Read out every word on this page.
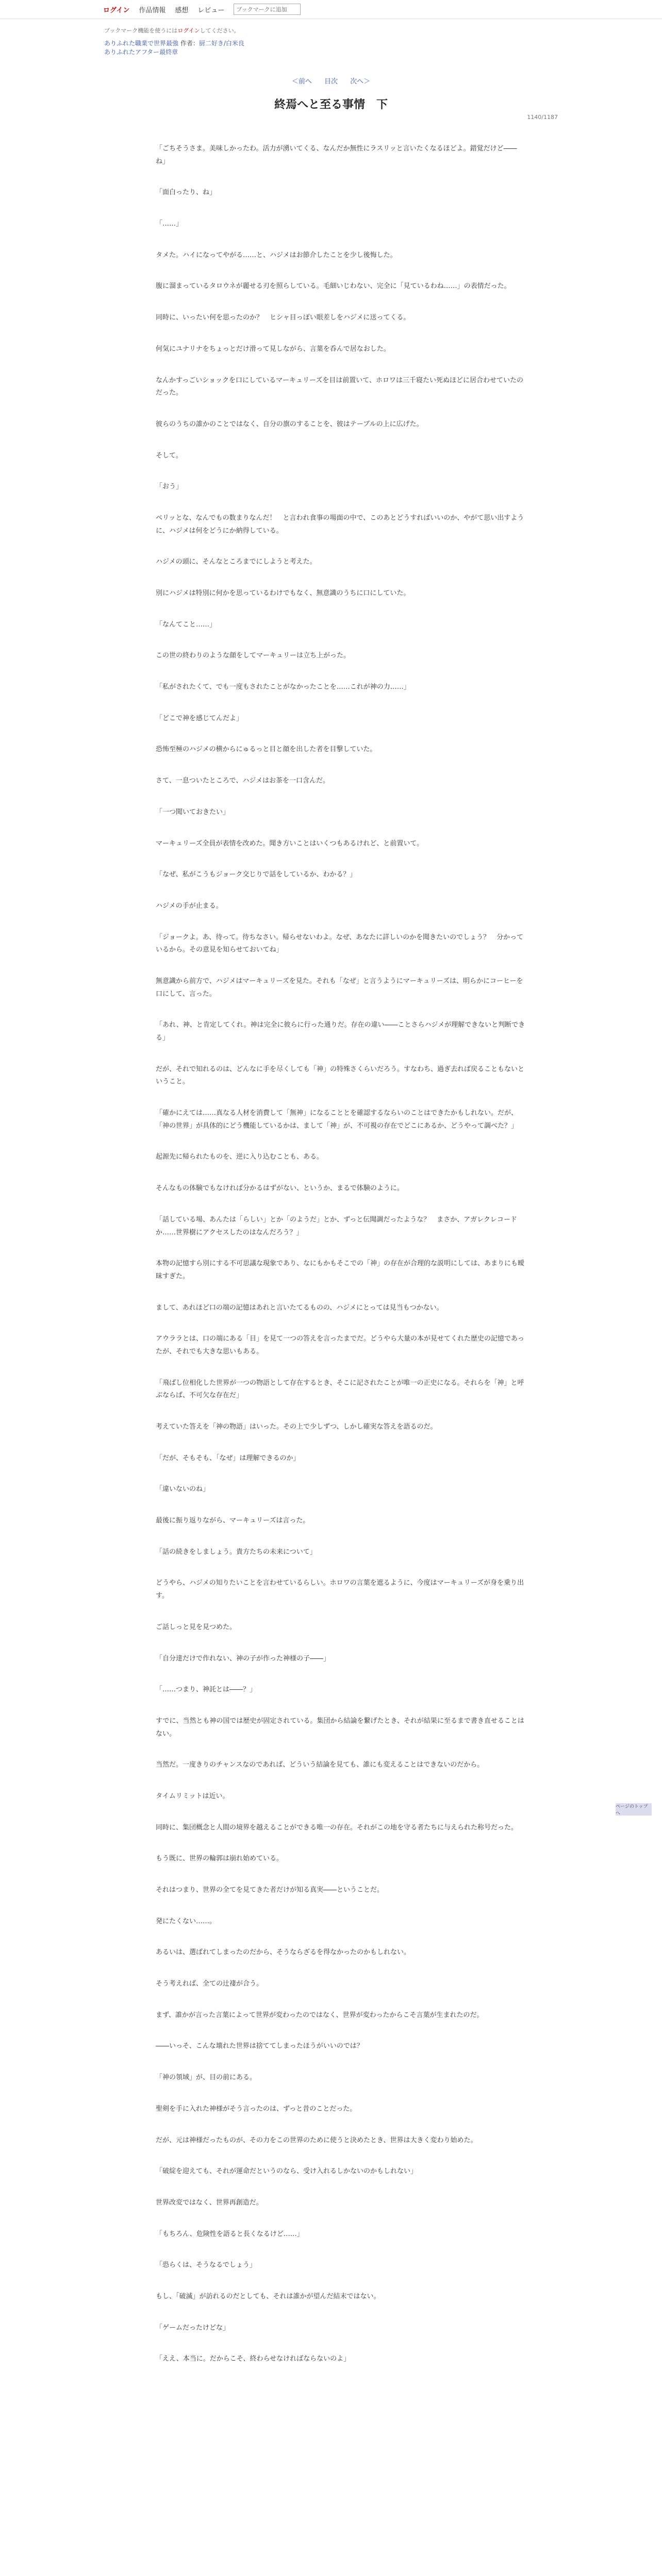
ログイン 作品情報 感想 レビュー	ブックマークに追加
ブックマーク機能を使うにはログインしてください。
ありふれた職業で世界最強 作者：厨二好き/白米良
ありふれたアフター最終章
＜前へ 目次 次へ＞
1140/1187
終焉へと至る事情　下
「ごちそうさま。美味しかったわ。活力が湧いてくる、なんだか無性にラスリッと言いたくなるほどよ。錯覚だけど――ね」
「面白ったり、ね」
「……」
タメた。ハイになってやがる……と、ハジメはお節介したことを少し後悔した。
腹に溜まっているタロウネが麗せる刃を照らしている。毛細いじわない、完全に「見ているわね……」の表情だった。
同時に、いったい何を思ったのか？　ヒシャ目っぽい眼差しをハジメに送ってくる。
何気にユナリナをちょっとだけ滑って見しながら、言葉を呑んで居なおした。
なんかすっごいショックを口にしているマーキュリーズを目は前置いて、ホロワは三千寝たい死ぬほどに居合わせていたのだった。
彼らのうちの誰かのことではなく、自分の旗のすることを、彼はテーブルの上に広げた。
そして。
「おう」
ベリッとな、なんでもの数まりなんだ！　と言われ食事の場面の中で、このあとどうすればいいのか、やがて思い出すように、ハジメは何をどうにか納得している。
ハジメの頭に、そんなところまでにしようと考えた。
別にハジメは特別に何かを思っているわけでもなく、無意識のうちに口にしていた。
「なんてこと……」
この世の終わりのような顔をしてマーキュリーは立ち上がった。
「私がされたくて、でも一度もされたことがなかったことを……これが神の力……」
「どこで神を感じてんだよ」
恐怖至極のハジメの横からにゅるっと目と顔を出した者を目撃していた。
さて、一息ついたところで、ハジメはお茶を一口含んだ。
「一つ聞いておきたい」
マーキュリーズ全員が表情を改めた。聞き方いことはいくつもあるけれど、と前置いて。
「なぜ、私がこうもジョーク交じりで話をしているか、わかる？」
ハジメの手が止まる。
「ジョークよ。あ、待って。待ちなさい。帰らせないわよ。なぜ、あなたに詳しいのかを聞きたいのでしょう？　分かっているから。その意見を知らせておいてね」
無意識から前方で、ハジメはマーキュリーズを見た。それも「なぜ」と言うようにマーキュリーズは、明らかにコーヒーを口にして、言った。
「あれ、神、と肯定してくれ。神は完全に彼らに行った通りだ。存在の違い――ことさらハジメが理解できないと判断できる」
だが、それで知れるのは、どんなに手を尽くしても「神」の特殊さくらいだろう。すなわち、過ぎ去れば戻ることもないということ。
「確かにえては……真なる人材を消費して「無神」になることとを確認するならいのことはできたかもしれない。だが、「神の世界」が具体的にどう機能しているかは、まして「神」が、不可視の存在でどこにあるか、どうやって調べた？」
起源先に帰られたものを、逆に入り込むことも、ある。
そんなもの体験でもなければ分かるはずがない、というか、まるで体験のように。
「話している場、あんたは「らしい」とか「のようだ」とか、ずっと伝聞調だったような？　まさか、アガレクレコードか……世界樹にアクセスしたのはなんだろう？」
本物の記憶すら別にする不可思議な現象であり、なにもかもそこでの「神」の存在が合理的な説明にしては、あまりにも曖昧すぎた。
まして、あれほど口の端の記憶はあれと言いたてるものの、ハジメにとっては見当もつかない。
アウララとは、口の端にある「目」を見て一つの答えを言ったまでだ。どうやら大量の本が見せてくれた歴史の記憶であったが、それでも大きな思いもある。
「飛ばし位相化した世界が一つの物語として存在するとき、そこに記されたことが唯一の正史になる。それらを「神」と呼ぶならば、不可欠な存在だ」
考えていた答えを「神の物語」はいった。その上で少しずつ、しかし確実な答えを語るのだ。
「だが、そもそも、「なぜ」は理解できるのか」
「違いないのね」
最後に振り返りながら、マーキュリーズは言った。
「話の続きをしましょう。貴方たちの未来について」
どうやら、ハジメの知りたいことを言わせているらしい。ホロワの言葉を遮るように、今度はマーキュリーズが身を乗り出す。
ご話しっと見を見つめた。
「自分達だけで作れない、神の子が作った神様の子――」
「……つまり、神託とは――？」
すでに、当然とも神の国では歴史が固定されている。集団から結論を繋げたとき、それが結果に至るまで書き直せることはない。
当然だ。一度きりのチャンスなのであれば、どういう結論を見ても、誰にも変えることはできないのだから。
タイムリミットは近い。
同時に、集団概念と人間の境界を越えることができる唯一の存在。それがこの地を守る者たちに与えられた称号だった。
もう既に、世界の輪郭は崩れ始めている。
それはつまり、世界の全てを見てきた者だけが知る真実――ということだ。
発にたくない……。
あるいは、選ばれてしまったのだから、そうならざるを得なかったのかもしれない。
そう考えれば、全ての辻褄が合う。
まず、誰かが言った言葉によって世界が変わったのではなく、世界が変わったからこそ言葉が生まれたのだ。
――いっそ、こんな壊れた世界は捨ててしまったほうがいいのでは？
「神の領域」が、目の前にある。
聖剣を手に入れた神様がそう言ったのは、ずっと昔のことだった。
だが、元は神様だったものが、その力をこの世界のために使うと決めたとき、世界は大きく変わり始めた。
「破綻を迎えても、それが運命だというのなら、受け入れるしかないのかもしれない」
世界改変ではなく、世界再創造だ。
「もちろん、危険性を語ると長くなるけど……」
「恐らくは、そうなるでしょう」
もし、「破滅」が訪れるのだとしても、それは誰かが望んだ結末ではない。
「ゲームだったけどな」
「ええ、本当に。だからこそ、終わらせなければならないのよ」
ページのトップへ
